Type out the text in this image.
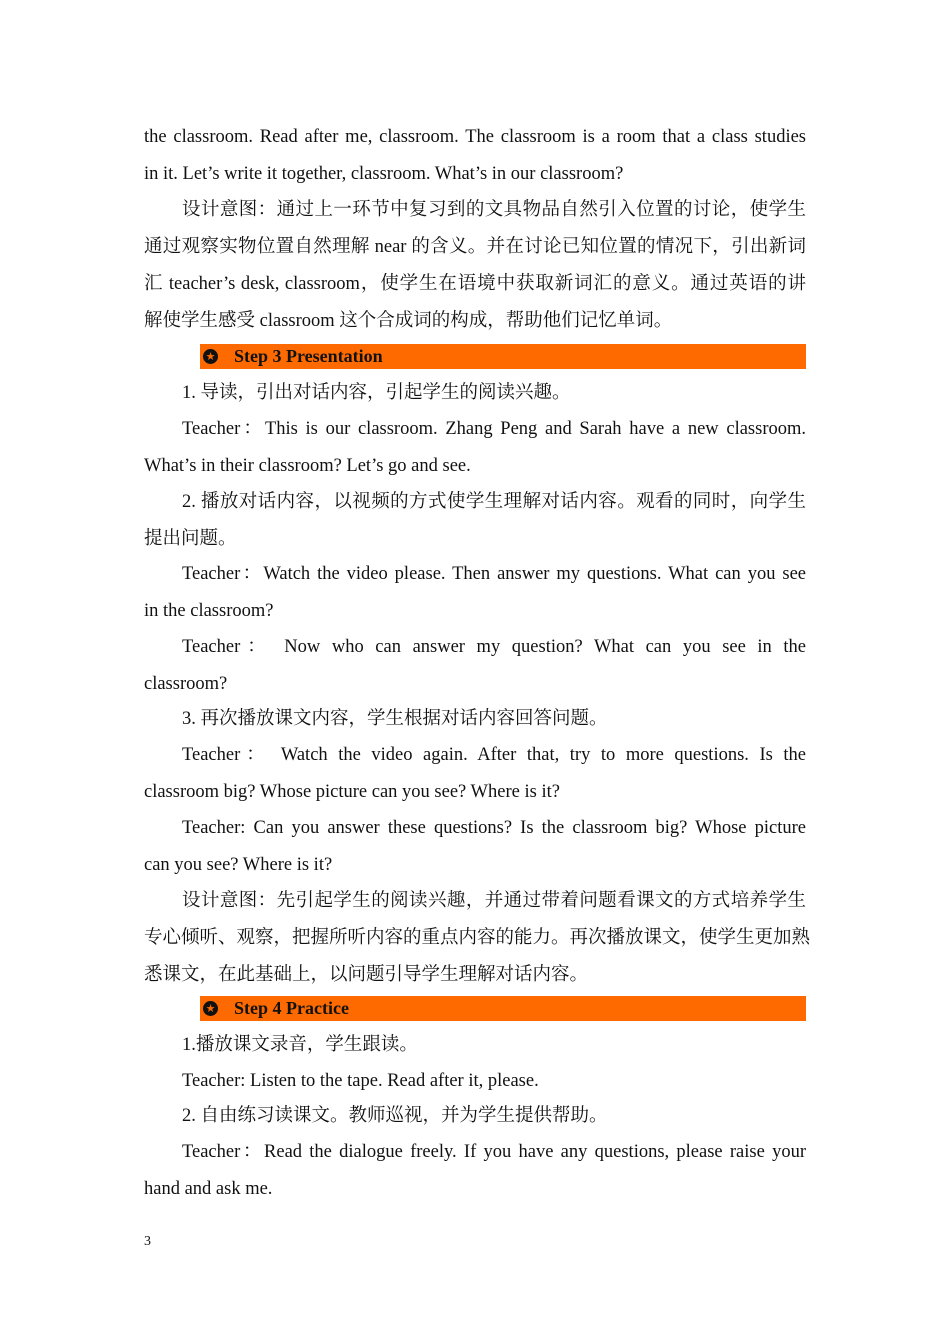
the classroom. Read after me, classroom. The classroom is a room that a class studies
in it. Let’s write it together, classroom. What’s in our classroom?
设计意图：通过上一环节中复习到的文具物品自然引入位置的讨论，使学生
通过观察实物位置自然理解 near 的含义。并在讨论已知位置的情况下，引出新词
汇 teacher’s desk, classroom，使学生在语境中获取新词汇的意义。通过英语的讲
解使学生感受 classroom 这个合成词的构成，帮助他们记忆单词。
★ Step 3 Presentation
1. 导读，引出对话内容，引起学生的阅读兴趣。
Teacher：This is our classroom. Zhang Peng and Sarah have a new classroom.
What’s in their classroom? Let’s go and see.
2. 播放对话内容，以视频的方式使学生理解对话内容。观看的同时，向学生
提出问题。
Teacher：Watch the video please. Then answer my questions. What can you see
in the classroom?
Teacher： Now who can answer my question? What can you see in the
classroom?
3. 再次播放课文内容，学生根据对话内容回答问题。
Teacher： Watch the video again. After that, try to more questions. Is the
classroom big? Whose picture can you see? Where is it?
Teacher: Can you answer these questions? Is the classroom big? Whose picture
can you see? Where is it?
设计意图：先引起学生的阅读兴趣，并通过带着问题看课文的方式培养学生
专心倾听、观察，把握所听内容的重点内容的能力。再次播放课文，使学生更加熟
悉课文，在此基础上，以问题引导学生理解对话内容。
★ Step 4 Practice
1.播放课文录音，学生跟读。
Teacher: Listen to the tape. Read after it, please.
2. 自由练习读课文。教师巡视，并为学生提供帮助。
Teacher：Read the dialogue freely. If you have any questions, please raise your
hand and ask me.
3
